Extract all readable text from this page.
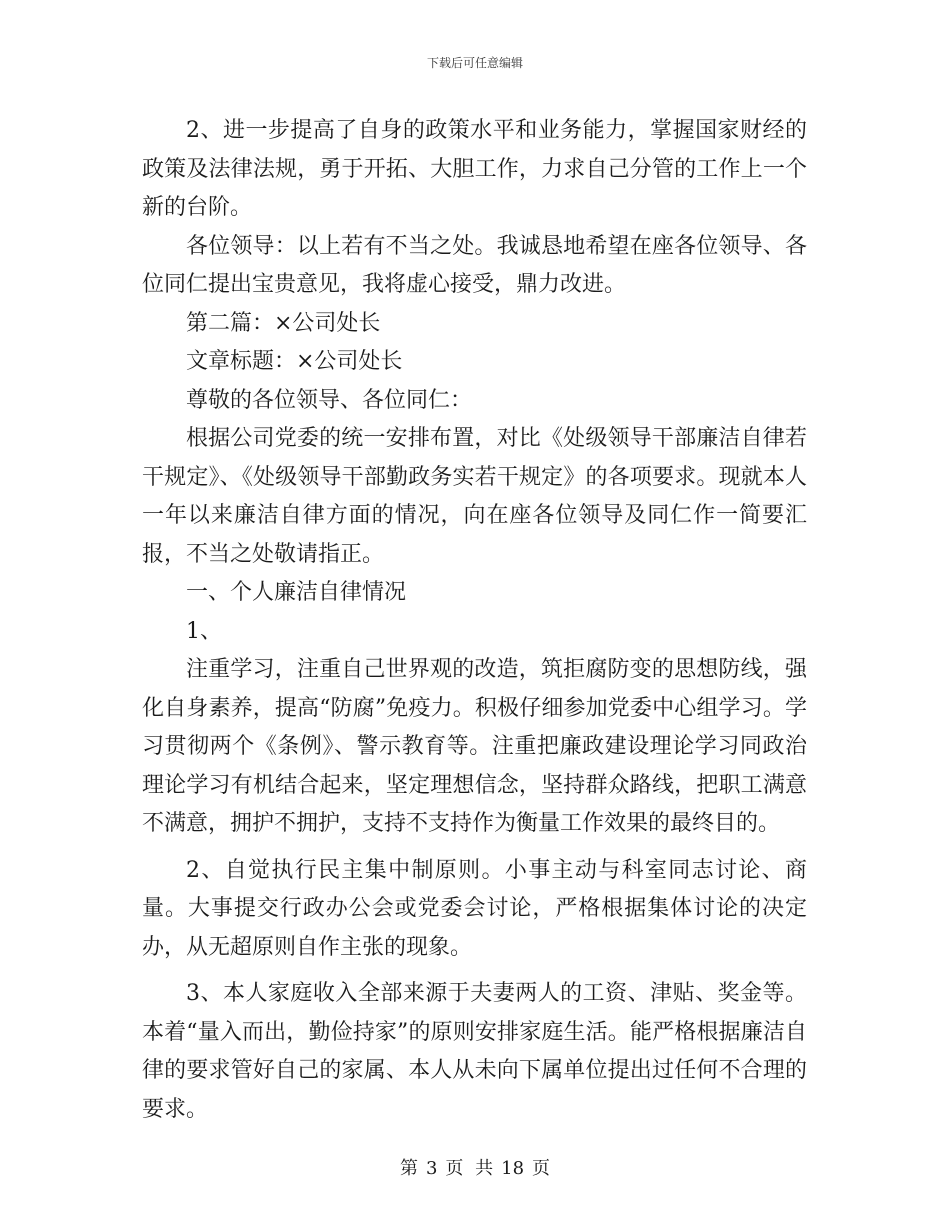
下载后可任意编辑

2、进一步提高了自身的政策水平和业务能力，掌握国家财经的政策及法律法规，勇于开拓、大胆工作，力求自己分管的工作上一个新的台阶。

各位领导：以上若有不当之处。我诚恳地希望在座各位领导、各位同仁提出宝贵意见，我将虚心接受，鼎力改进。

第二篇：×公司处长

文章标题：×公司处长

尊敬的各位领导、各位同仁：

根据公司党委的统一安排布置，对比《处级领导干部廉洁自律若干规定》、《处级领导干部勤政务实若干规定》的各项要求。现就本人一年以来廉洁自律方面的情况，向在座各位领导及同仁作一简要汇报，不当之处敬请指正。

一、个人廉洁自律情况

1、

注重学习，注重自己世界观的改造，筑拒腐防变的思想防线，强化自身素养，提高“防腐”免疫力。积极仔细参加党委中心组学习。学习贯彻两个《条例》、警示教育等。注重把廉政建设理论学习同政治理论学习有机结合起来，坚定理想信念，坚持群众路线，把职工满意不满意，拥护不拥护，支持不支持作为衡量工作效果的最终目的。

2、自觉执行民主集中制原则。小事主动与科室同志讨论、商量。大事提交行政办公会或党委会讨论，严格根据集体讨论的决定办，从无超原则自作主张的现象。

3、本人家庭收入全部来源于夫妻两人的工资、津贴、奖金等。本着“量入而出，勤俭持家”的原则安排家庭生活。能严格根据廉洁自律的要求管好自己的家属、本人从未向下属单位提出过任何不合理的要求。

第 3 页 共 18 页
